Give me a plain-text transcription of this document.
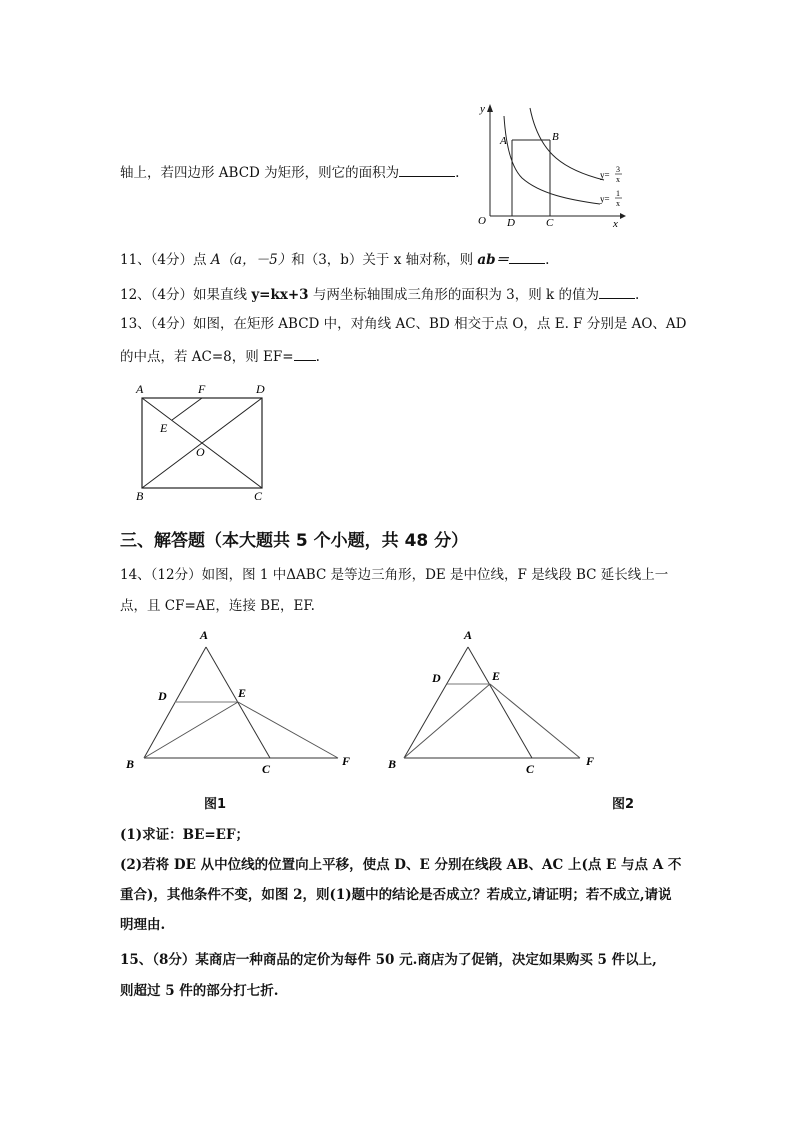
轴上，若四边形 ABCD 为矩形，则它的面积为	.
y
x
O
A	B
D	C
y=
3
x
y=
1
x
11、（4分）点 A（a，－5）和（3，b）关于 x 轴对称，则 ab＝	.
12、（4分）如果直线 y=kx+3 与两坐标轴围成三角形的面积为 3，则 k 的值为	.
13、（4分）如图，在矩形 ABCD 中，对角线 AC、BD 相交于点 O，点 E. F 分别是 AO、AD
的中点，若 AC=8，则 EF= .
A	F	D
E
O
B	C
三、解答题（本大题共 5 个小题，共 48 分）
14、（12分）如图，图 1 中ΔABC 是等边三角形，DE 是中位线，F 是线段 BC 延长线上一
点，且 CF=AE，连接 BE，EF.
A
D	E
B	C
F
图1
A
D	E
B	C
F
图2
(1)求证：BE=EF；
(2)若将 DE 从中位线的位置向上平移，使点 D、E 分别在线段 AB、AC 上(点 E 与点 A 不
重合)，其他条件不变，如图 2，则(1)题中的结论是否成立？若成立,请证明；若不成立,请说
明理由.
15、（8分）某商店一种商品的定价为每件 50 元.商店为了促销，决定如果购买 5 件以上,
则超过 5 件的部分打七折.
